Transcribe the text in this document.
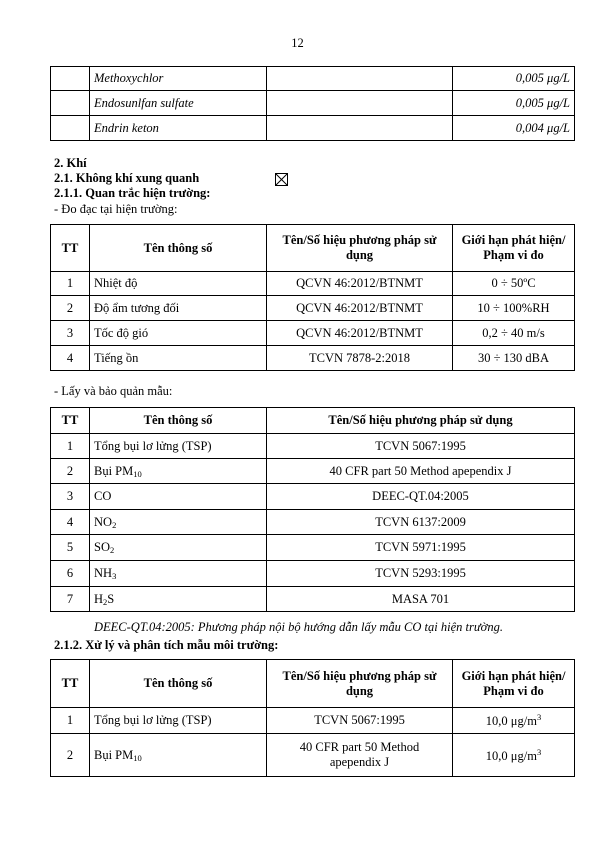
12
	Methoxychlor		0,005 μg/L
	Endosunlfan sulfate		0,005 μg/L
	Endrin keton		0,004 μg/L
2. Khí
2.1. Không khí xung quanh
2.1.1. Quan trắc hiện trường:
- Đo đạc tại hiện trường:
TT	Tên thông số	Tên/Số hiệu phương pháp sử dụng	Giới hạn phát hiện/ Phạm vi đo
1	Nhiệt độ	QCVN 46:2012/BTNMT	0 ÷ 50ºC
2	Độ ẩm tương đối	QCVN 46:2012/BTNMT	10 ÷ 100%RH
3	Tốc độ gió	QCVN 46:2012/BTNMT	0,2 ÷ 40 m/s
4	Tiếng ồn	TCVN 7878-2:2018	30 ÷ 130 dBA
- Lấy và bảo quản mẫu:
TT	Tên thông số	Tên/Số hiệu phương pháp sử dụng
1	Tổng bụi lơ lửng (TSP)	TCVN 5067:1995
2	Bụi $PM_{10}$	40 CFR part 50 Method apependix J
3	CO	DEEC-QT.04:2005
4	$NO_2$	TCVN 6137:2009
5	$SO_2$	TCVN 5971:1995
6	$NH_3$	TCVN 5293:1995
7	$H_2S$	MASA 701
DEEC-QT.04:2005: Phương pháp nội bộ hướng dẫn lấy mẫu CO tại hiện trường.
2.1.2. Xử lý và phân tích mẫu môi trường:
TT	Tên thông số	Tên/Số hiệu phương pháp sử dụng	Giới hạn phát hiện/ Phạm vi đo
1	Tổng bụi lơ lửng (TSP)	TCVN 5067:1995	10,0 $\mu g/m^3$
2	Bụi $PM_{10}$	40 CFR part 50 Method apependix J	10,0 $\mu g/m^3$
